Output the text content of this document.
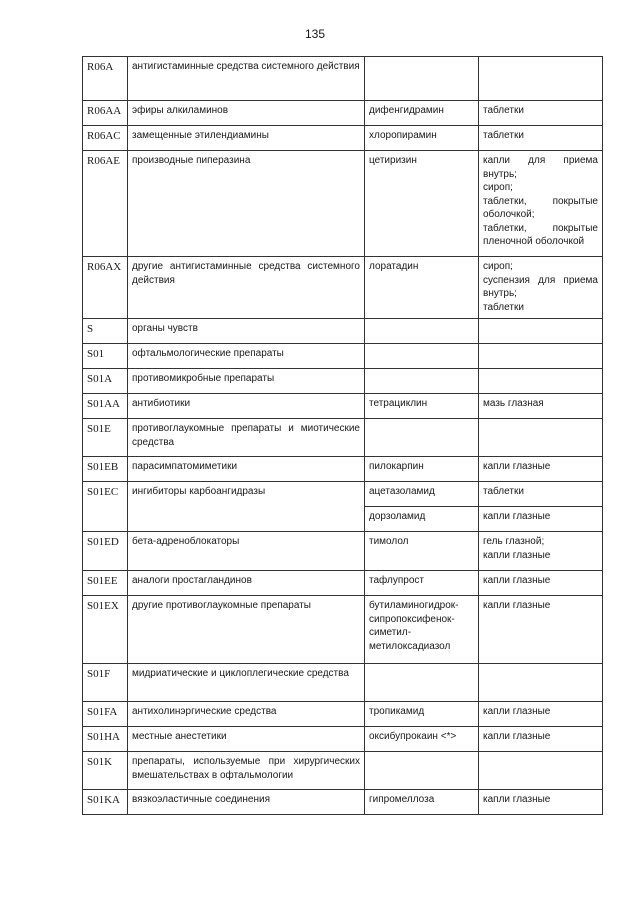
135
R06A	антигистаминные средства системного действия		
R06AA	эфиры алкиламинов	дифенгидрамин	таблетки

R06AC	замещенные этилендиамины	хлоропирамин	таблетки

R06AE	производные пиперазина	цетиризин	капли для приема внутрь;
сироп;
таблетки, покрытые оболочкой;
таблетки, покрытые пленочной оболочкой

R06AX	другие антигистаминные средства системного действия	лоратадин	сироп;
суспензия для приема внутрь;
таблетки

S	органы чувств		
S01	офтальмологические препараты		
S01A	противомикробные препараты		
S01AA	антибиотики	тетрациклин	мазь глазная

S01E	противоглаукомные препараты и миотические средства		
S01EB	парасимпатомиметики	пилокарпин	капли глазные

S01EC	ингибиторы карбоангидразы	ацетазоламид	таблетки

		дорзоламид	капли глазные

S01ED	бета-адреноблокаторы	тимолол	гель глазной;
капли глазные

S01EE	аналоги простагландинов	тафлупрост	капли глазные

S01EX	другие противоглаукомные препараты	бутиламиногидрок-сипропоксифенок-симетил-метилоксадиазол	капли глазные

S01F	мидриатические и циклоплегические средства		
S01FA	антихолинэргические средства	тропикамид	капли глазные

S01HA	местные анестетики	оксибупрокаин <*>	капли глазные

S01K	препараты, используемые при хирургических вмешательствах в офтальмологии		
S01KA	вязкоэластичные соединения	гипромеллоза	капли глазные
